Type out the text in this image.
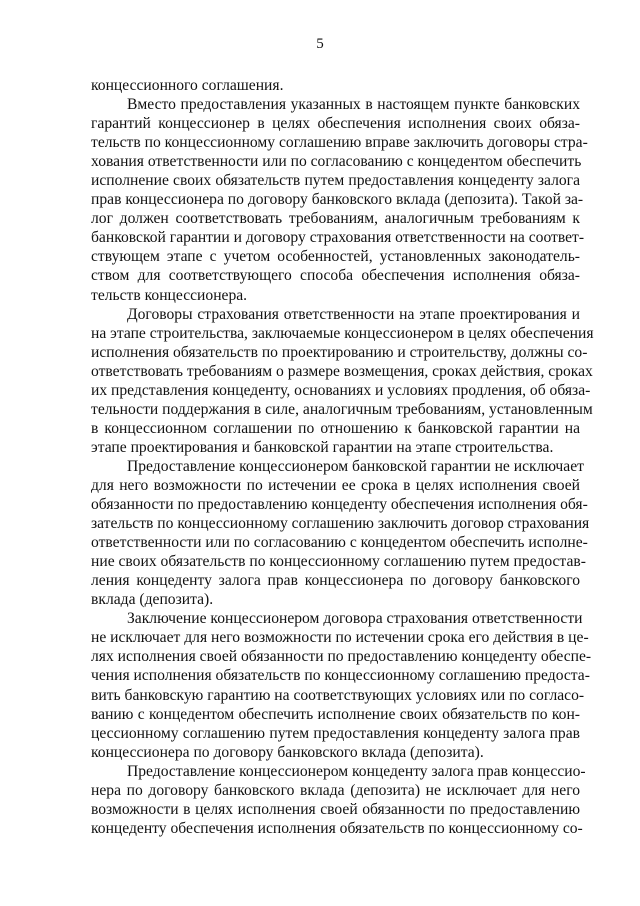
5
концессионного соглашения.
Вместо предоставления указанных в настоящем пункте банковских
гарантий концессионер в целях обеспечения исполнения своих обяза-
тельств по концессионному соглашению вправе заключить договоры стра-
хования ответственности или по согласованию с концедентом обеспечить
исполнение своих обязательств путем предоставления концеденту залога
прав концессионера по договору банковского вклада (депозита). Такой за-
лог должен соответствовать требованиям, аналогичным требованиям к
банковской гарантии и договору страхования ответственности на соответ-
ствующем этапе с учетом особенностей, установленных законодатель-
ством для соответствующего способа обеспечения исполнения обяза-
тельств концессионера.
Договоры страхования ответственности на этапе проектирования и
на этапе строительства, заключаемые концессионером в целях обеспечения
исполнения обязательств по проектированию и строительству, должны со-
ответствовать требованиям о размере возмещения, сроках действия, сроках
их представления концеденту, основаниях и условиях продления, об обяза-
тельности поддержания в силе, аналогичным требованиям, установленным
в концессионном соглашении по отношению к банковской гарантии на
этапе проектирования и банковской гарантии на этапе строительства.
Предоставление концессионером банковской гарантии не исключает
для него возможности по истечении ее срока в целях исполнения своей
обязанности по предоставлению концеденту обеспечения исполнения обя-
зательств по концессионному соглашению заключить договор страхования
ответственности или по согласованию с концедентом обеспечить исполне-
ние своих обязательств по концессионному соглашению путем предостав-
ления концеденту залога прав концессионера по договору банковского
вклада (депозита).
Заключение концессионером договора страхования ответственности
не исключает для него возможности по истечении срока его действия в це-
лях исполнения своей обязанности по предоставлению концеденту обеспе-
чения исполнения обязательств по концессионному соглашению предоста-
вить банковскую гарантию на соответствующих условиях или по согласо-
ванию с концедентом обеспечить исполнение своих обязательств по кон-
цессионному соглашению путем предоставления концеденту залога прав
концессионера по договору банковского вклада (депозита).
Предоставление концессионером концеденту залога прав концессио-
нера по договору банковского вклада (депозита) не исключает для него
возможности в целях исполнения своей обязанности по предоставлению
концеденту обеспечения исполнения обязательств по концессионному со-
